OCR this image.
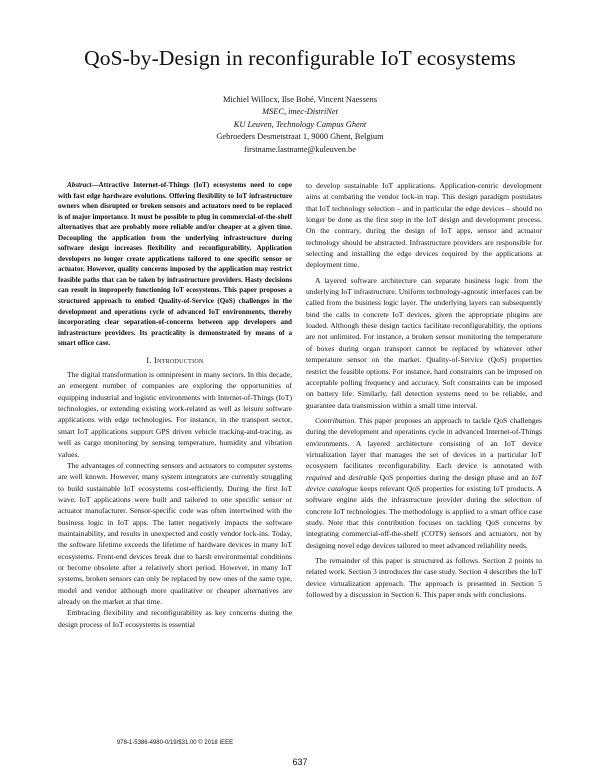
QoS-by-Design in reconfigurable IoT ecosystems
Michiel Willocx, Ilse Bohé, Vincent Naessens
MSEC, imec-DistriNet
KU Leuven, Technology Campus Ghent
Gebroeders Desmetstraat 1, 9000 Ghent, Belgium
firstname.lastname@kuleuven.be

Abstract—Attractive Internet-of-Things (IoT) ecosystems need to cope with fast edge hardware evolutions. Offering flexibility to IoT infrastructure owners when disrupted or broken sensors and actuators need to be replaced is of major importance. It must be possible to plug in commercial-of-the-shelf alternatives that are probably more reliable and/or cheaper at a given time. Decoupling the application from the underlying infrastructure during software design increases flexibility and reconfigurability. Application developers no longer create applications tailored to one specific sensor or actuator. However, quality concerns imposed by the application may restrict feasible paths that can be taken by infrastructure providers. Hasty decisions can result in improperly functioning IoT ecosystems. This paper proposes a structured approach to embed Quality-of-Service (QoS) challenges in the development and operations cycle of advanced IoT environments, thereby incorporating clear separation-of-concerns between app developers and infrastructure providers. Its practicality is demonstrated by means of a smart office case.

I. Introduction

The digital transformation is omnipresent in many sectors. In this decade, an emergent number of companies are exploring the opportunities of equipping industrial and logistic environments with Internet-of-Things (IoT) technologies, or extending existing work-related as well as leisure software applications with edge technologies. For instance, in the transport sector, smart IoT applications support GPS driven vehicle tracking-and-tracing, as well as cargo monitoring by sensing temperature, humidity and vibration values.

The advantages of connecting sensors and actuators to computer systems are well known. However, many system integrators are currently struggling to build sustainable IoT ecosystems cost-efficiently. During the first IoT wave, IoT applications were built and tailored to one specific sensor or actuator manufacturer. Sensor-specific code was often intertwined with the business logic in IoT apps. The latter negatively impacts the software maintainability, and results in unexpected and costly vendor lock-ins. Today, the software lifetime exceeds the lifetime of hardware devices in many IoT ecosystems. Front-end devices break due to harsh environmental conditions or become obsolete after a relatively short period. However, in many IoT systems, broken sensors can only be replaced by new ones of the same type, model and vendor although more qualitative or cheaper alternatives are already on the market at that time.

Embracing flexibility and reconfigurability as key concerns during the design process of IoT ecosystems is essential

to develop sustainable IoT applications. Application-centric development aims at combating the vendor lock-in trap. This design paradigm postulates that IoT technology selection – and in particular the edge devices – should no longer be done as the first step in the IoT design and development process. On the contrary, during the design of IoT apps, sensor and actuator technology should be abstracted. Infrastructure providers are responsible for selecting and installing the edge devices required by the applications at deployment time.

A layered software architecture can separate business logic from the underlying IoT infrastructure. Uniform technology-agnostic interfaces can be called from the business logic layer. The underlying layers can subsequently bind the calls to concrete IoT devices, given the appropriate plugins are loaded. Although these design tactics facilitate reconfigurability, the options are not unlimited. For instance, a broken sensor monitoring the temperature of boxes during organ transport cannot be replaced by whatever other temperature sensor on the market. Quality-of-Service (QoS) properties restrict the feasible options. For instance, hard constraints can be imposed on acceptable polling frequency and accuracy. Soft constraints can be imposed on battery life. Similarly, fall detection systems need to be reliable, and guarantee data transmission within a small time interval.

Contribution. This paper proposes an approach to tackle QoS challenges during the development and operations cycle in advanced Internet-of-Things environments. A layered architecture consisting of an IoT device virtualization layer that manages the set of devices in a particular IoT ecosystem facilitates reconfigurability. Each device is annotated with required and desirable QoS properties during the design phase and an IoT device catalogue keeps relevant QoS properties for existing IoT products. A software engine aids the infrastructure provider during the selection of concrete IoT technologies. The methodology is applied to a smart office case study. Note that this contribution focuses on tackling QoS concerns by integrating commercial-off-the-shelf (COTS) sensors and actuators, not by designing novel edge devices tailored to meet advanced reliability needs.

The remainder of this paper is structured as follows. Section 2 points to related work. Section 3 introduces the case study. Section 4 describes the IoT device virtualization approach. The approach is presented in Section 5 followed by a discussion in Section 6. This paper ends with conclusions.

978-1-5386-4980-0/19/$31.00 © 2018 IEEE
637
